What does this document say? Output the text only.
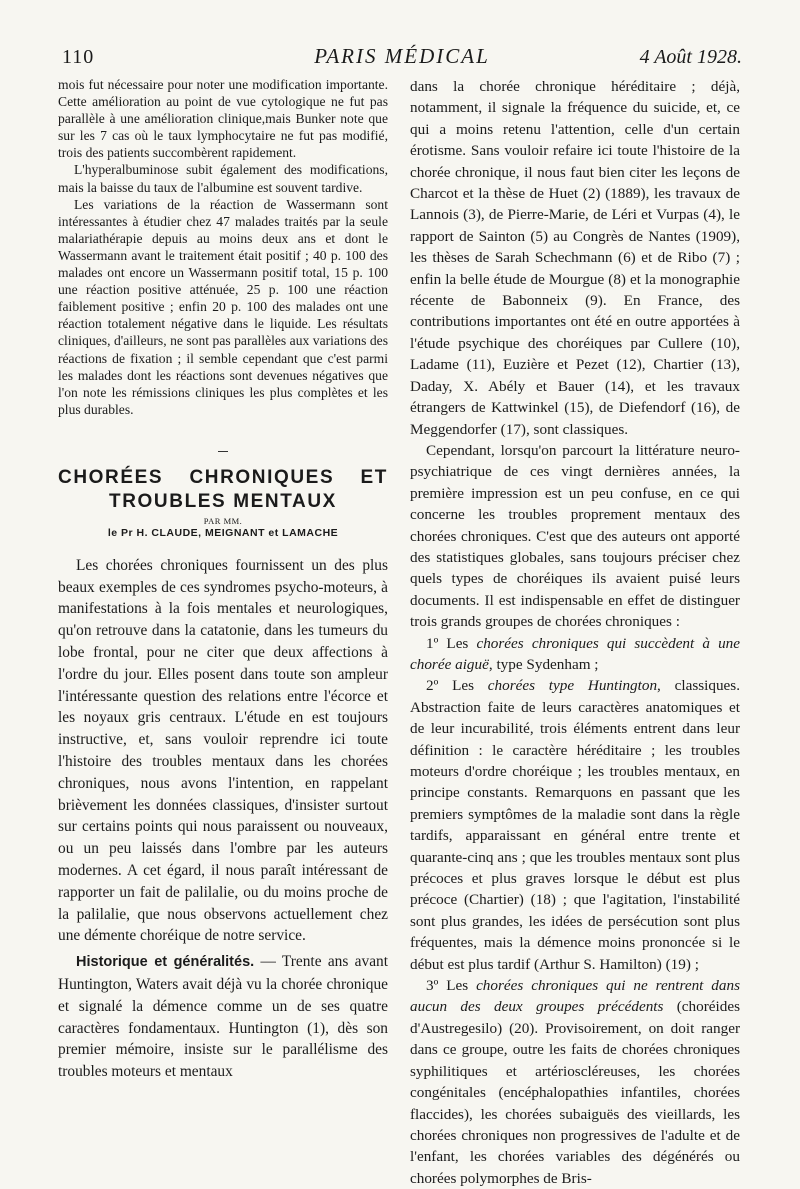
110	PARIS MÉDICAL	4 Août 1928.

mois fut nécessaire pour noter une modification importante. Cette amélioration au point de vue cytologique ne fut pas parallèle à une amélioration clinique,mais Bunker note que sur les 7 cas où le taux lymphocytaire ne fut pas modifié, trois des patients succombèrent rapidement.

L'hyperalbuminose subit également des modifications, mais la baisse du taux de l'albumine est souvent tardive.

Les variations de la réaction de Wassermann sont intéressantes à étudier chez 47 malades traités par la seule malariathérapie depuis au moins deux ans et dont le Wassermann avant le traitement était positif ; 40 p. 100 des malades ont encore un Wassermann positif total, 15 p. 100 une réaction positive atténuée, 25 p. 100 une réaction faiblement positive ; enfin 20 p. 100 des malades ont une réaction totalement négative dans le liquide. Les résultats cliniques, d'ailleurs, ne sont pas parallèles aux variations des réactions de fixation ; il semble cependant que c'est parmi les malades dont les réactions sont devenues négatives que l'on note les rémissions cliniques les plus complètes et les plus durables.

CHORÉES CHRONIQUES ET
TROUBLES MENTAUX
PAR MM.
le Pr H. CLAUDE, MEIGNANT et LAMACHE

Les chorées chroniques fournissent un des plus beaux exemples de ces syndromes psycho-moteurs, à manifestations à la fois mentales et neurologiques, qu'on retrouve dans la catatonie, dans les tumeurs du lobe frontal, pour ne citer que deux affections à l'ordre du jour. Elles posent dans toute son ampleur l'intéressante question des relations entre l'écorce et les noyaux gris centraux. L'étude en est toujours instructive, et, sans vouloir reprendre ici toute l'histoire des troubles mentaux dans les chorées chroniques, nous avons l'intention, en rappelant brièvement les données classiques, d'insister surtout sur certains points qui nous paraissent ou nouveaux, ou un peu laissés dans l'ombre par les auteurs modernes. A cet égard, il nous paraît intéressant de rapporter un fait de palilalie, ou du moins proche de la palilalie, que nous observons actuellement chez une démente choréique de notre service.

Historique et généralités. — Trente ans avant Huntington, Waters avait déjà vu la chorée chronique et signalé la démence comme un de ses quatre caractères fondamentaux. Huntington (1), dès son premier mémoire, insiste sur le parallélisme des troubles moteurs et mentaux

dans la chorée chronique héréditaire ; déjà, notamment, il signale la fréquence du suicide, et, ce qui a moins retenu l'attention, celle d'un certain érotisme. Sans vouloir refaire ici toute l'histoire de la chorée chronique, il nous faut bien citer les leçons de Charcot et la thèse de Huet (2) (1889), les travaux de Lannois (3), de Pierre-Marie, de Léri et Vurpas (4), le rapport de Sainton (5) au Congrès de Nantes (1909), les thèses de Sarah Schechmann (6) et de Ribo (7) ; enfin la belle étude de Mourgue (8) et la monographie récente de Babonneix (9). En France, des contributions importantes ont été en outre apportées à l'étude psychique des choréiques par Cullere (10), Ladame (11), Euzière et Pezet (12), Chartier (13), Daday, X. Abély et Bauer (14), et les travaux étrangers de Kattwinkel (15), de Diefendorf (16), de Meggendorfer (17), sont classiques.

Cependant, lorsqu'on parcourt la littérature neuro-psychiatrique de ces vingt dernières années, la première impression est un peu confuse, en ce qui concerne les troubles proprement mentaux des chorées chroniques. C'est que des auteurs ont apporté des statistiques globales, sans toujours préciser chez quels types de choréiques ils avaient puisé leurs documents. Il est indispensable en effet de distinguer trois grands groupes de chorées chroniques :

1º Les chorées chroniques qui succèdent à une chorée aiguë, type Sydenham ;

2º Les chorées type Huntington, classiques. Abstraction faite de leurs caractères anatomiques et de leur incurabilité, trois éléments entrent dans leur définition : le caractère héréditaire ; les troubles moteurs d'ordre choréique ; les troubles mentaux, en principe constants. Remarquons en passant que les premiers symptômes de la maladie sont dans la règle tardifs, apparaissant en général entre trente et quarante-cinq ans ; que les troubles mentaux sont plus précoces et plus graves lorsque le début est plus précoce (Chartier) (18) ; que l'agitation, l'instabilité sont plus grandes, les idées de persécution sont plus fréquentes, mais la démence moins prononcée si le début est plus tardif (Arthur S. Hamilton) (19) ;

3º Les chorées chroniques qui ne rentrent dans aucun des deux groupes précédents (choréides d'Austregesilo) (20). Provisoirement, on doit ranger dans ce groupe, outre les faits de chorées chroniques syphilitiques et artérioscléreuses, les chorées congénitales (encéphalopathies infantiles, chorées flaccides), les chorées subaiguës des vieillards, les chorées chroniques non progressives de l'adulte et de l'enfant, les chorées variables des dégénérés ou chorées polymorphes de Bris-
